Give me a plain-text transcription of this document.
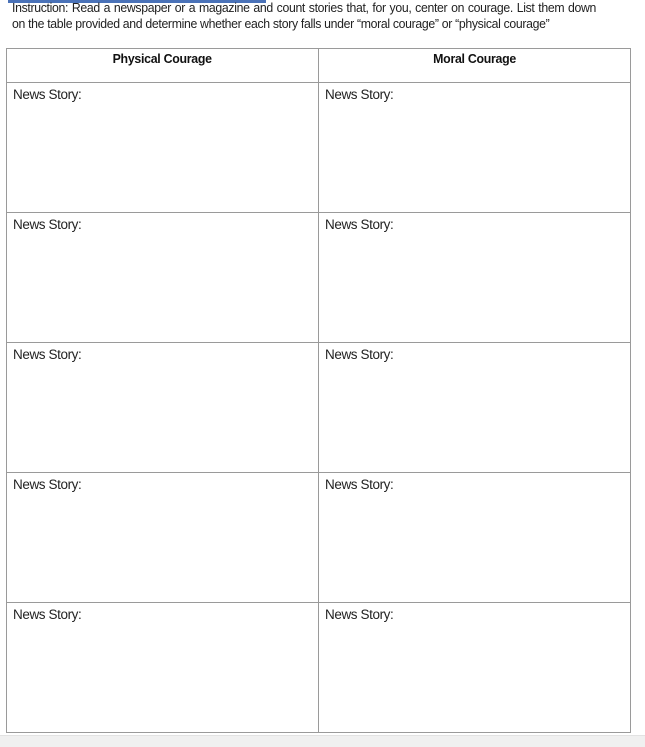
Instruction: Read a newspaper or a magazine and count stories that, for you, center on courage. List them down on the table provided and determine whether each story falls under “moral courage” or “physical courage”
Physical Courage	Moral Courage

News Story:	News Story:

News Story:	News Story:

News Story:	News Story:

News Story:	News Story:

News Story:	News Story:
